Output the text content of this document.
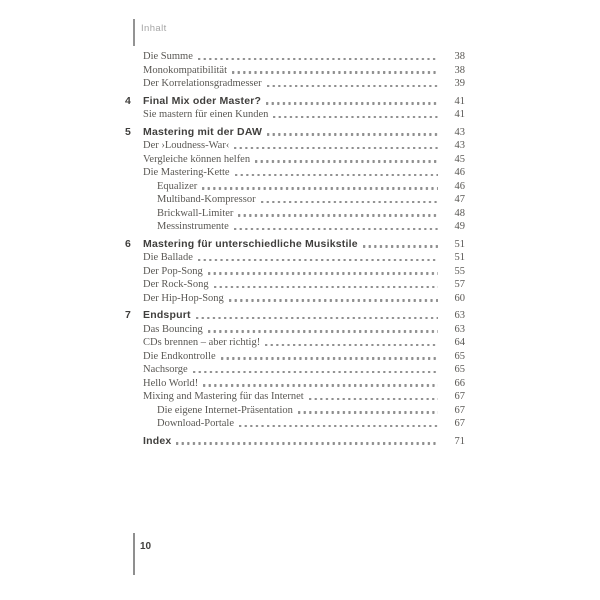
Inhalt
Die Summe	38
Monokompatibilität	38
Der Korrelationsgradmesser	39
4	Final Mix oder Master?	41
Sie mastern für einen Kunden	41
5	Mastering mit der DAW	43
Der ›Loudness-War‹	43
Vergleiche können helfen	45
Die Mastering-Kette	46
Equalizer	46
Multiband-Kompressor	47
Brickwall-Limiter	48
Messinstrumente	49
6	Mastering für unterschiedliche Musikstile	51
Die Ballade	51
Der Pop-Song	55
Der Rock-Song	57
Der Hip-Hop-Song	60
7	Endspurt	63
Das Bouncing	63
CDs brennen – aber richtig!	64
Die Endkontrolle	65
Nachsorge	65
Hello World!	66
Mixing and Mastering für das Internet	67
Die eigene Internet-Präsentation	67
Download-Portale	67
Index	71
10
